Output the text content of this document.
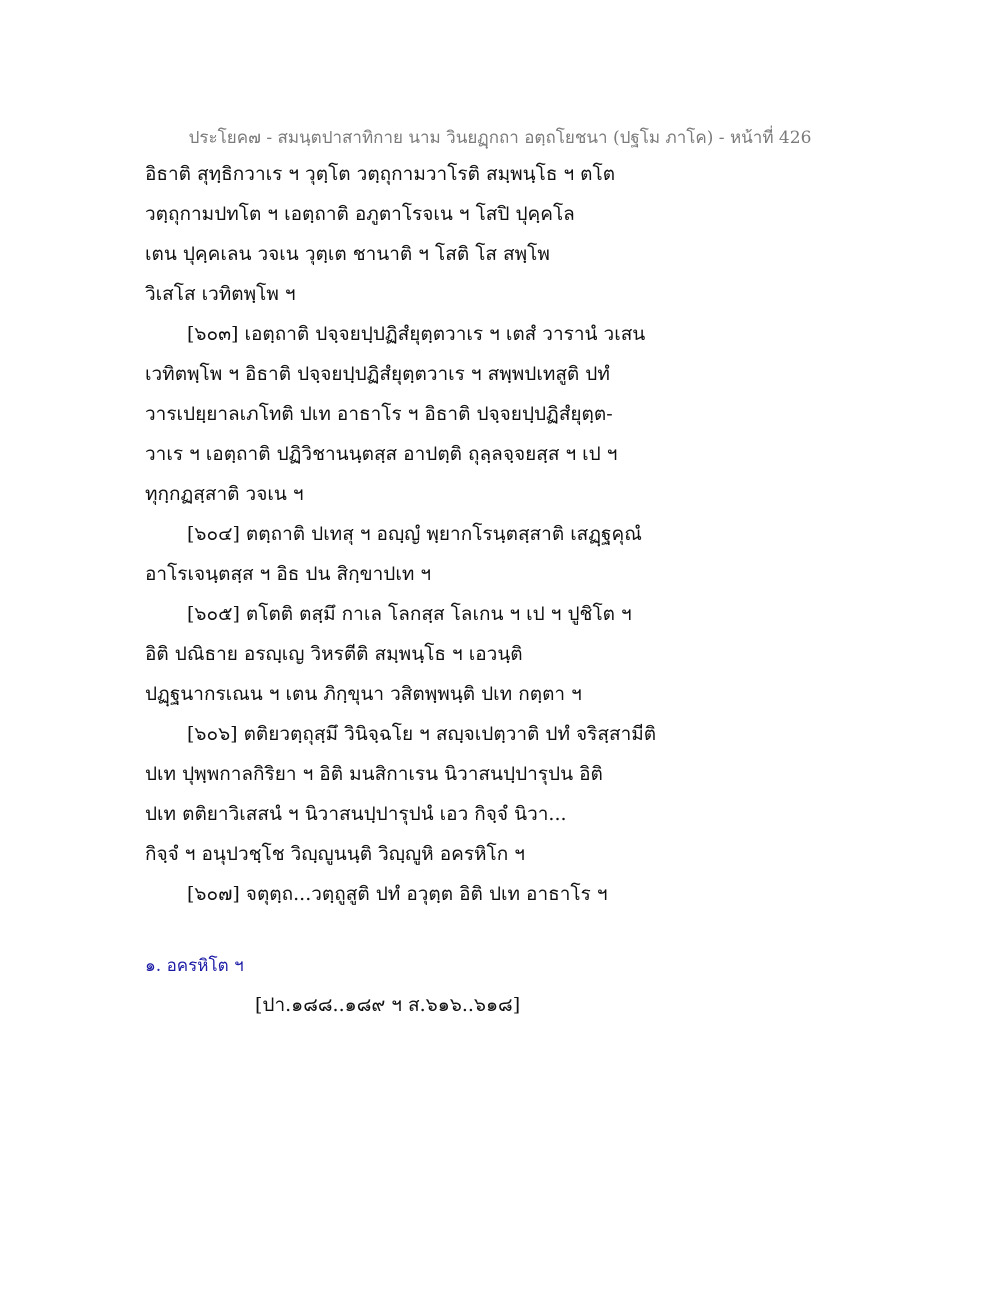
ประโยค๗ - สมนฺตปาสาทิกาย นาม วินยฏฺกถา อตฺถโยชนา (ปฐโม ภาโค) - หน้าที่ 426
อิธาติ สุทฺธิกวาเร ฯ วุตฺโต วตฺถุกามวาโรติ สมฺพนฺโธ ฯ ตโต
วตฺถุกามปทโต ฯ เอตฺถาติ อภูตาโรจเน ฯ โสปิ ปุคฺคโล
เตน ปุคฺคเลน วจเน วุตฺเต ชานาติ ฯ โสติ โส สพฺโพ
วิเสโส เวทิตพฺโพ ฯ
[๖๐๓] เอตฺถาติ ปจฺจยปฺปฏิสํยุตฺตวาเร ฯ เตสํ วารานํ วเสน
เวทิตพฺโพ ฯ อิธาติ ปจฺจยปฺปฏิสํยุตฺตวาเร ฯ สพฺพปเทสูติ ปทํ
วารเปยฺยาลเภโทติ ปเท อาธาโร ฯ อิธาติ ปจฺจยปฺปฏิสํยุตฺต-
วาเร ฯ เอตฺถาติ ปฏิวิชานนฺตสฺส อาปตฺติ ถุลฺลจฺจยสฺส ฯ เป ฯ
ทุกฺกฏสฺสาติ วจเน ฯ
[๖๐๔] ตตฺถาติ ปเทสุ ฯ อญฺญํ พฺยากโรนฺตสฺสาติ เสฏฺฐคุณํ
อาโรเจนฺตสฺส ฯ อิธ ปน สิกฺขาปเท ฯ
[๖๐๕] ตโตติ ตสฺมึ กาเล โลกสฺส โลเกน ฯ เป ฯ ปูชิโต ฯ
อิติ ปณิธาย อรญฺเญ วิหรตีติ สมฺพนฺโธ ฯ เอวนฺติ
ปฏฺฐนากรเณน ฯ เตน ภิกฺขุนา วสิตพฺพนฺติ ปเท กตฺตา ฯ
[๖๐๖] ตติยวตฺถุสฺมึ วินิจฺฉโย ฯ สญฺจเปตฺวาติ ปทํ จริสฺสามีติ
ปเท ปุพฺพกาลกิริยา ฯ อิติ มนสิกาเรน นิวาสนปฺปารุปน อิติ
ปเท ตติยาวิเสสนํ ฯ นิวาสนปฺปารุปนํ เอว กิจฺจํ นิวา...
กิจฺจํ ฯ อนุปวชฺโช วิญฺญูนนฺติ วิญฺญูหิ อครหิโก ฯ
[๖๐๗] จตุตฺถ...วตฺถูสูติ ปทํ อวุตฺต อิติ ปเท อาธาโร ฯ
๑. อครหิโต ฯ
[ปา.๑๘๘..๑๘๙ ฯ ส.๖๑๖..๖๑๘]
